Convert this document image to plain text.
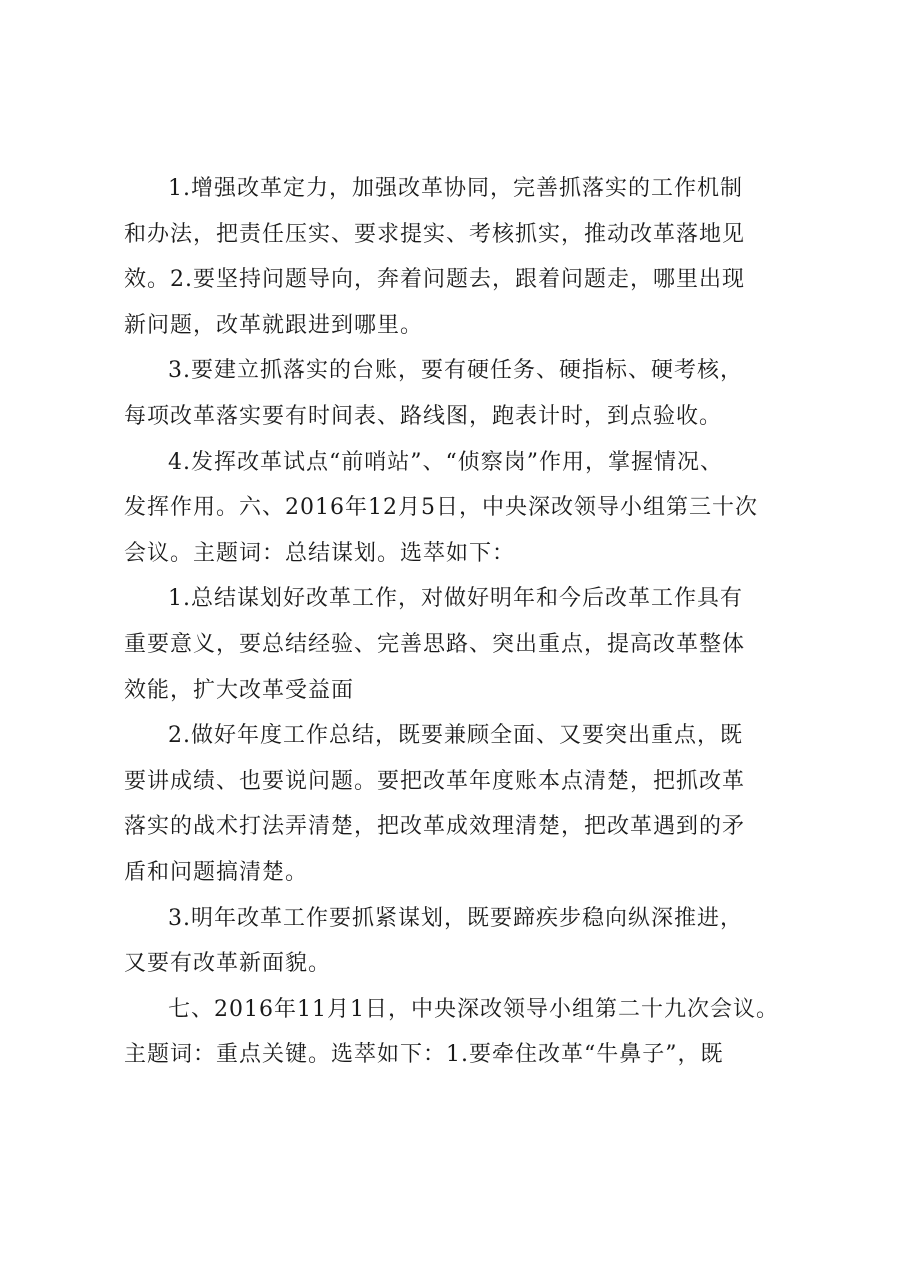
1.增强改革定力，加强改革协同，完善抓落实的工作机制
和办法，把责任压实、要求提实、考核抓实，推动改革落地见
效。2.要坚持问题导向，奔着问题去，跟着问题走，哪里出现
新问题，改革就跟进到哪里。
3.要建立抓落实的台账，要有硬任务、硬指标、硬考核，
每项改革落实要有时间表、路线图，跑表计时，到点验收。
4.发挥改革试点“前哨站”、“侦察岗”作用，掌握情况、
发挥作用。六、2016年12月5日，中央深改领导小组第三十次
会议。主题词：总结谋划。选萃如下：
1.总结谋划好改革工作，对做好明年和今后改革工作具有
重要意义，要总结经验、完善思路、突出重点，提高改革整体
效能，扩大改革受益面
2.做好年度工作总结，既要兼顾全面、又要突出重点，既
要讲成绩、也要说问题。要把改革年度账本点清楚，把抓改革
落实的战术打法弄清楚，把改革成效理清楚，把改革遇到的矛
盾和问题搞清楚。
3.明年改革工作要抓紧谋划，既要蹄疾步稳向纵深推进，
又要有改革新面貌。
七、2016年11月1日，中央深改领导小组第二十九次会议。
主题词：重点关键。选萃如下：1.要牵住改革“牛鼻子”，既
